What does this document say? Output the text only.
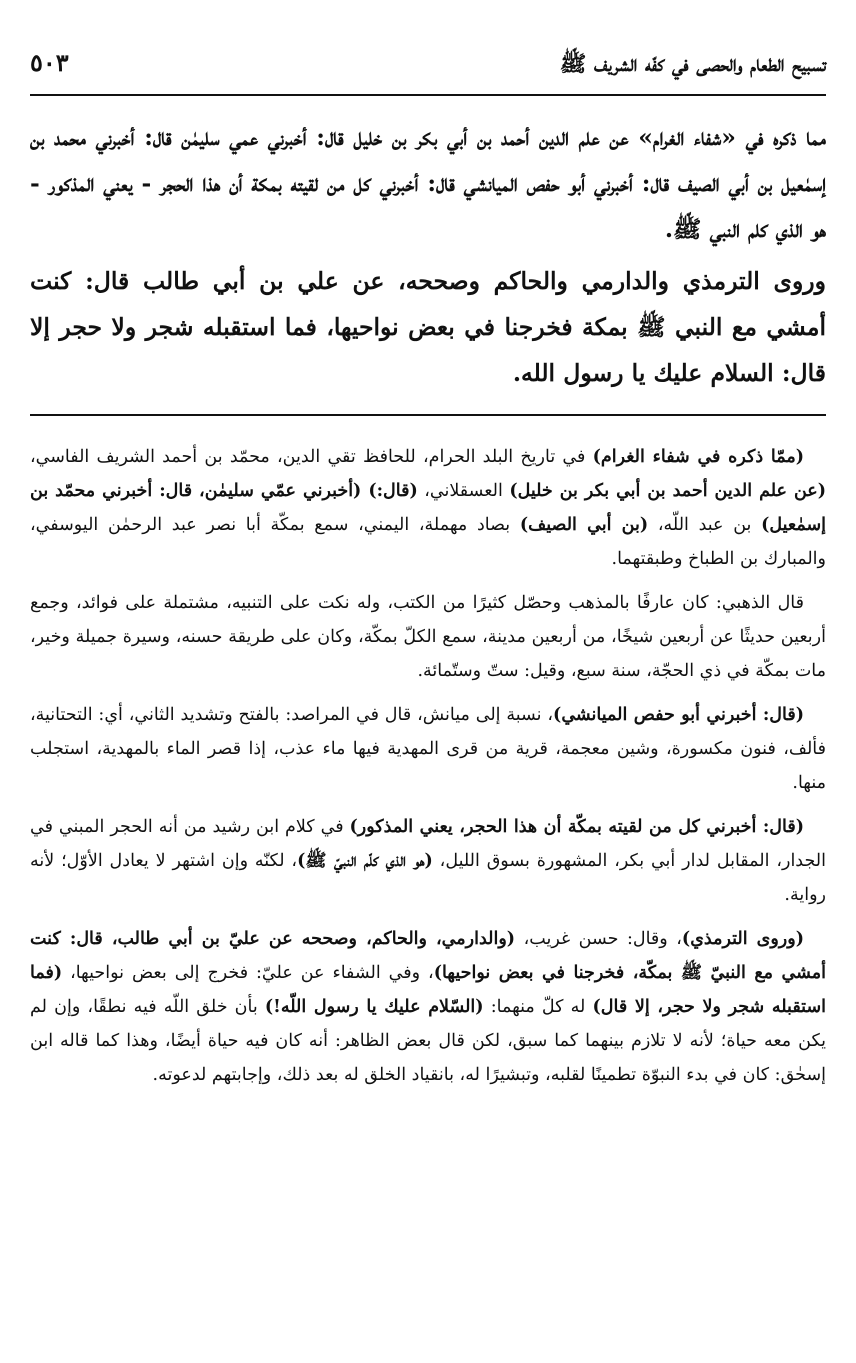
تسبيح الطعام والحصى في كفّه الشريف ﷺ
٥٠٣

مما ذكره في «شفاء الغرام» عن علم الدين أحمد بن أبي بكر بن خليل قال: أخبرني عمي سليمٰن قال: أخبرني محمد بن إسمٰعيل بن أبي الصيف قال: أخبرني أبو حفص الميانشي قال: أخبرني كل من لقيته بمكة أن هذا الحجر - يعني المذكور - هو الذي كلم النبي ﷺ.

وروى الترمذي والدارمي والحاكم وصححه، عن علي بن أبي طالب قال: كنت أمشي مع النبي ﷺ بمكة فخرجنا في بعض نواحيها، فما استقبله شجر ولا حجر إلا قال: السلام عليك يا رسول الله.

(ممّا ذكره في شفاء الغرام) في تاريخ البلد الحرام، للحافظ تقي الدين، محمّد بن أحمد الشريف الفاسي، (عن علم الدين أحمد بن أبي بكر بن خليل) العسقلاني، (قال:) (أخبرني عمّي سليمٰن، قال: أخبرني محمّد بن إسمٰعيل) بن عبد اللّه، (بن أبي الصيف) بصاد مهملة، اليمني، سمع بمكّة أبا نصر عبد الرحمٰن اليوسفي، والمبارك بن الطباخ وطبقتهما.

قال الذهبي: كان عارفًا بالمذهب وحصّل كثيرًا من الكتب، وله نكت على التنبيه، مشتملة على فوائد، وجمع أربعين حديثًا عن أربعين شيخًا، من أربعين مدينة، سمع الكلّ بمكّة، وكان على طريقة حسنه، وسيرة جميلة وخير، مات بمكّة في ذي الحجّة، سنة سبع، وقيل: ستّ وستّمائة.

(قال: أخبرني أبو حفص الميانشي)، نسبة إلى ميانش، قال في المراصد: بالفتح وتشديد الثاني، أي: التحتانية، فألف، فنون مكسورة، وشين معجمة، قرية من قرى المهدية فيها ماء عذب، إذا قصر الماء بالمهدية، استجلب منها.

(قال: أخبرني كل من لقيته بمكّة أن هذا الحجر، يعني المذكور) في كلام ابن رشيد من أنه الحجر المبني في الجدار، المقابل لدار أبي بكر، المشهورة بسوق الليل، (هو الذي كلّم النبيّ ﷺ)، لكنّه وإن اشتهر لا يعادل الأوّل؛ لأنه رواية.

(وروى الترمذي)، وقال: حسن غريب، (والدارمي، والحاكم، وصححه عن عليّ بن أبي طالب، قال: كنت أمشي مع النبيّ ﷺ بمكّة، فخرجنا في بعض نواحيها)، وفي الشفاء عن عليّ: فخرج إلى بعض نواحيها، (فما استقبله شجر ولا حجر، إلا قال) له كلّ منهما: (السّلام عليك يا رسول اللّه!) بأن خلق اللّه فيه نطقًا، وإن لم يكن معه حياة؛ لأنه لا تلازم بينهما كما سبق، لكن قال بعض الظاهر: أنه كان فيه حياة أيضًا، وهذا كما قاله ابن إسحٰق: كان في بدء النبوّة تطمينًا لقلبه، وتبشيرًا له، بانقياد الخلق له بعد ذلك، وإجابتهم لدعوته.
